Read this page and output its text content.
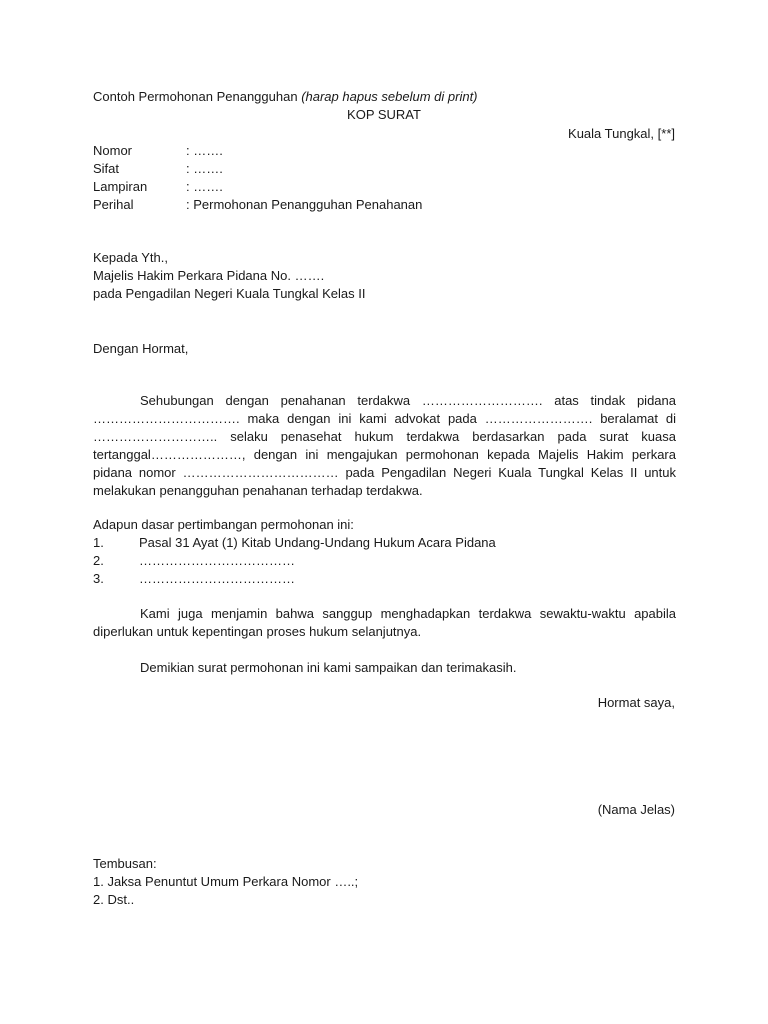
Contoh Permohonan Penangguhan (harap hapus sebelum di print)
KOP SURAT
Kuala Tungkal, [**]
Nomor	: …….
Sifat	: …….
Lampiran	: …….
Perihal	: Permohonan Penangguhan Penahanan
Kepada Yth.,
Majelis Hakim Perkara Pidana No. …….
pada Pengadilan Negeri Kuala Tungkal Kelas II
Dengan Hormat,

Sehubungan dengan penahanan terdakwa ………………………. atas tindak pidana ……………………………. maka dengan ini kami advokat pada ……………………. beralamat di ……………………….. selaku penasehat hukum terdakwa berdasarkan pada surat kuasa tertanggal…………………, dengan ini mengajukan permohonan kepada Majelis Hakim perkara pidana nomor ……………………………… pada Pengadilan Negeri Kuala Tungkal Kelas II untuk melakukan penangguhan penahanan terhadap terdakwa.

Adapun dasar pertimbangan permohonan ini:
1.	Pasal 31 Ayat (1) Kitab Undang-Undang Hukum Acara Pidana
2.	………………………………
3.	………………………………

Kami juga menjamin bahwa sanggup menghadapkan terdakwa sewaktu-waktu apabila diperlukan untuk kepentingan proses hukum selanjutnya.

Demikian surat permohonan ini kami sampaikan dan terimakasih.

Hormat saya,
(Nama Jelas)
Tembusan:
1. Jaksa Penuntut Umum Perkara Nomor …..;
2. Dst..
